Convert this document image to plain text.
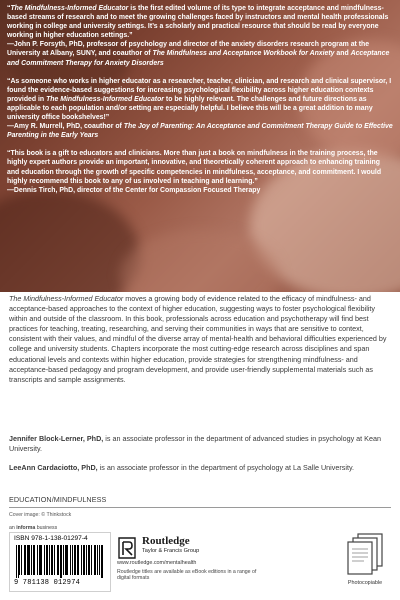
“The Mindfulness-Informed Educator is the first edited volume of its type to integrate acceptance and mindfulness-based streams of research and to meet the growing challenges faced by instructors and mental health professionals working in college and university settings. It’s a scholarly and practical resource that should be read by everyone working in higher education settings.”

—John P. Forsyth, PhD, professor of psychology and director of the anxiety disorders research program at the University at Albany, SUNY, and coauthor of The Mindfulness and Acceptance Workbook for Anxiety and Acceptance and Commitment Therapy for Anxiety Disorders

“As someone who works in higher educator as a researcher, teacher, clinician, and research and clinical supervisor, I found the evidence-based suggestions for increasing psychological flexibility across higher education contexts provided in The Mindfulness-Informed Educator to be highly relevant. The challenges and future directions as applicable to each population and/or setting are especially helpful. I believe this will be a great addition to many university office bookshelves!”

—Amy R. Murrell, PhD, coauthor of The Joy of Parenting: An Acceptance and Commitment Therapy Guide to Effective Parenting in the Early Years

“This book is a gift to educators and clinicians. More than just a book on mindfulness in the training process, the highly expert authors provide an important, innovative, and theoretically coherent approach to enhancing training and education through the growth of specific competencies in mindfulness, acceptance, and commitment. I would highly recommend this book to any of us involved in teaching and learning.”

—Dennis Tirch, PhD, director of the Center for Compassion Focused Therapy

The Mindfulness-Informed Educator moves a growing body of evidence related to the efficacy of mindfulness- and acceptance-based approaches to the context of higher education, suggesting ways to foster psychological flexibility within and outside of the classroom. In this book, professionals across education and psychotherapy will find best practices for teaching, treating, researching, and serving their communities in ways that are sensitive to context, consistent with their values, and mindful of the diverse array of mental-health and behavioral difficulties experienced by college and university students. Chapters incorporate the most cutting-edge research across disciplines and span educational levels and contexts within higher education, provide strategies for strengthening mindfulness- and acceptance-based pedagogy and program development, and provide user-friendly supplemental materials such as transcripts and sample assignments.

Jennifer Block-Lerner, PhD, is an associate professor in the department of advanced studies in psychology at Kean University.

LeeAnn Cardaciotto, PhD, is an associate professor in the department of psychology at La Salle University.

EDUCATION/MINDFULNESS
Cover image: © Thinkstock
an informa business
ISBN 978-1-138-01297-4
9 781138 012974
Routledge
Taylor & Francis Group
www.routledge.com/mentalhealth
Routledge titles are available as eBook editions in a range of digital formats
Photocopiable
